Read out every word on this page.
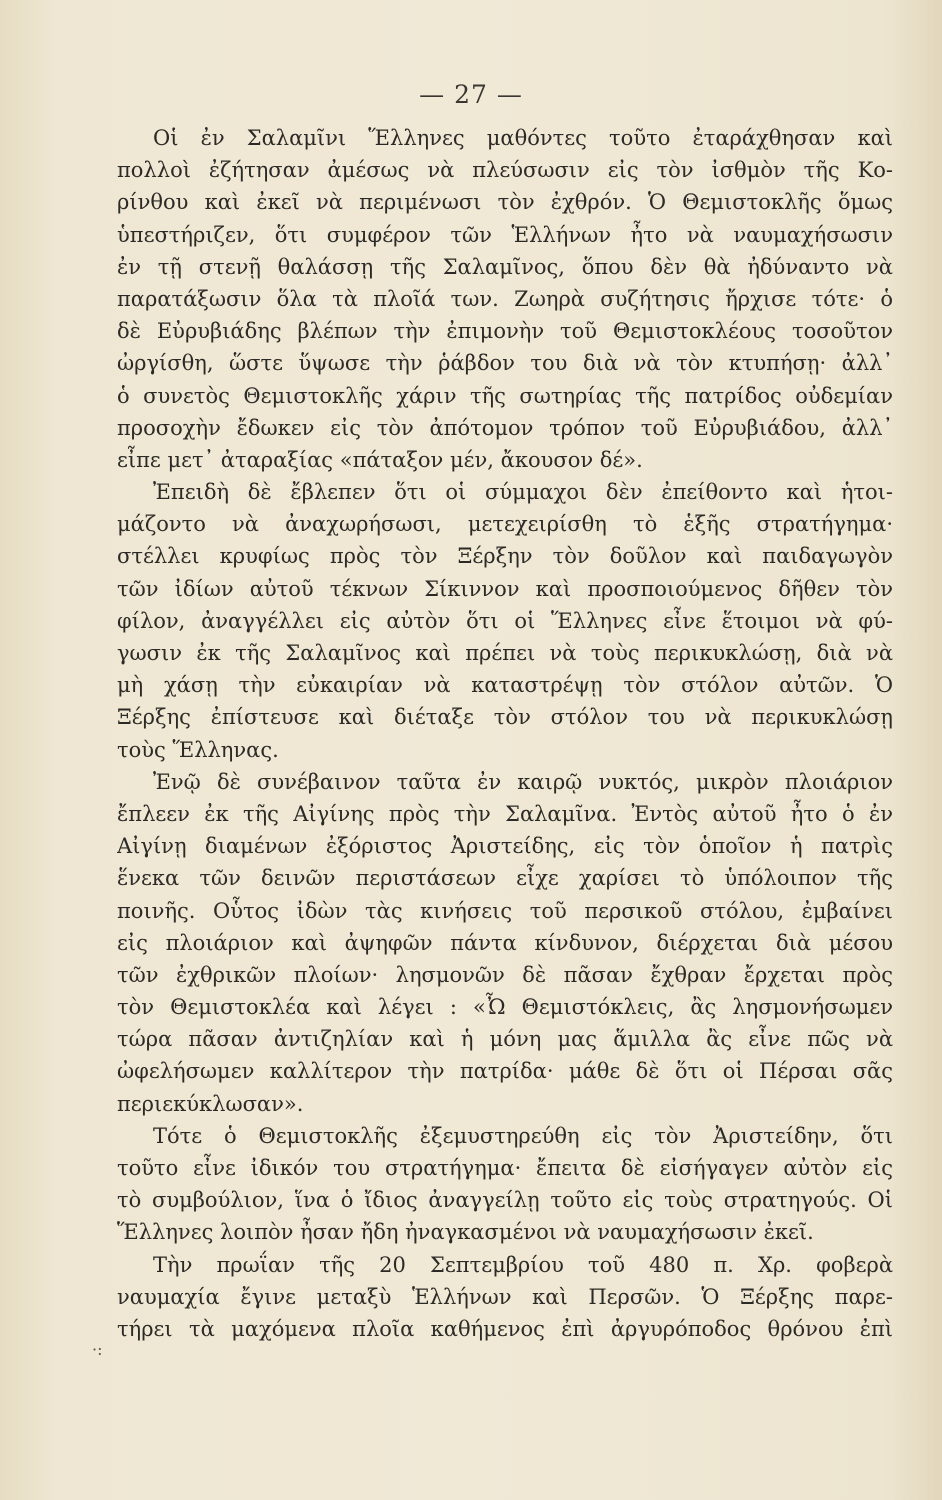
— 27 —
Οἱ ἐν Σαλαμῖνι Ἕλληνες μαθόντες τοῦτο ἐταράχθησαν καὶ
πολλοὶ ἐζήτησαν ἀμέσως νὰ πλεύσωσιν εἰς τὸν ἰσθμὸν τῆς Κο-
ρίνθου καὶ ἐκεῖ νὰ περιμένωσι τὸν ἐχθρόν. Ὁ Θεμιστοκλῆς ὅμως
ὑπεστήριζεν, ὅτι συμφέρον τῶν Ἑλλήνων ἦτο νὰ ναυμαχήσωσιν
ἐν τῇ στενῇ θαλάσσῃ τῆς Σαλαμῖνος, ὅπου δὲν θὰ ἠδύναντο νὰ
παρατάξωσιν ὅλα τὰ πλοῖά των. Ζωηρὰ συζήτησις ἤρχισε τότε· ὁ
δὲ Εὐρυβιάδης βλέπων τὴν ἐπιμονὴν τοῦ Θεμιστοκλέους τοσοῦτον
ὠργίσθη, ὥστε ὕψωσε τὴν ῥάβδον του διὰ νὰ τὸν κτυπήσῃ· ἀλλ᾽
ὁ συνετὸς Θεμιστοκλῆς χάριν τῆς σωτηρίας τῆς πατρίδος οὐδεμίαν
προσοχὴν ἔδωκεν εἰς τὸν ἀπότομον τρόπον τοῦ Εὐρυβιάδου, ἀλλ᾽
εἶπε μετ᾽ ἀταραξίας «πάταξον μέν, ἄκουσον δέ».
Ἐπειδὴ δὲ ἔβλεπεν ὅτι οἱ σύμμαχοι δὲν ἐπείθοντο καὶ ἡτοι-
μάζοντο νὰ ἀναχωρήσωσι, μετεχειρίσθη τὸ ἑξῆς στρατήγημα·
στέλλει κρυφίως πρὸς τὸν Ξέρξην τὸν δοῦλον καὶ παιδαγωγὸν
τῶν ἰδίων αὐτοῦ τέκνων Σίκιννον καὶ προσποιούμενος δῆθεν τὸν
φίλον, ἀναγγέλλει εἰς αὐτὸν ὅτι οἱ Ἕλληνες εἶνε ἕτοιμοι νὰ φύ-
γωσιν ἐκ τῆς Σαλαμῖνος καὶ πρέπει νὰ τοὺς περικυκλώσῃ, διὰ νὰ
μὴ χάσῃ τὴν εὐκαιρίαν νὰ καταστρέψῃ τὸν στόλον αὐτῶν. Ὁ
Ξέρξης ἐπίστευσε καὶ διέταξε τὸν στόλον του νὰ περικυκλώσῃ
τοὺς Ἕλληνας.
Ἐνῷ δὲ συνέβαινον ταῦτα ἐν καιρῷ νυκτός, μικρὸν πλοιάριον
ἔπλεεν ἐκ τῆς Αἰγίνης πρὸς τὴν Σαλαμῖνα. Ἐντὸς αὐτοῦ ἦτο ὁ ἐν
Αἰγίνῃ διαμένων ἐξόριστος Ἀριστείδης, εἰς τὸν ὁποῖον ἡ πατρὶς
ἕνεκα τῶν δεινῶν περιστάσεων εἶχε χαρίσει τὸ ὑπόλοιπον τῆς
ποινῆς. Οὗτος ἰδὼν τὰς κινήσεις τοῦ περσικοῦ στόλου, ἐμβαίνει
εἰς πλοιάριον καὶ ἀψηφῶν πάντα κίνδυνον, διέρχεται διὰ μέσου
τῶν ἐχθρικῶν πλοίων· λησμονῶν δὲ πᾶσαν ἔχθραν ἔρχεται πρὸς
τὸν Θεμιστοκλέα καὶ λέγει : «Ὦ Θεμιστόκλεις, ἂς λησμονήσωμεν
τώρα πᾶσαν ἀντιζηλίαν καὶ ἡ μόνη μας ἅμιλλα ἂς εἶνε πῶς νὰ
ὠφελήσωμεν καλλίτερον τὴν πατρίδα· μάθε δὲ ὅτι οἱ Πέρσαι σᾶς
περιεκύκλωσαν».
Τότε ὁ Θεμιστοκλῆς ἐξεμυστηρεύθη εἰς τὸν Ἀριστείδην, ὅτι
τοῦτο εἶνε ἰδικόν του στρατήγημα· ἔπειτα δὲ εἰσήγαγεν αὐτὸν εἰς
τὸ συμβούλιον, ἵνα ὁ ἴδιος ἀναγγείλῃ τοῦτο εἰς τοὺς στρατηγούς. Οἱ
Ἕλληνες λοιπὸν ἦσαν ἤδη ἠναγκασμένοι νὰ ναυμαχήσωσιν ἐκεῖ.
Τὴν πρωΐαν τῆς 20 Σεπτεμβρίου τοῦ 480 π. Χρ. φοβερὰ
ναυμαχία ἔγινε μεταξὺ Ἑλλήνων καὶ Περσῶν. Ὁ Ξέρξης παρε-
τήρει τὰ μαχόμενα πλοῖα καθήμενος ἐπὶ ἀργυρόποδος θρόνου ἐπὶ
·:
